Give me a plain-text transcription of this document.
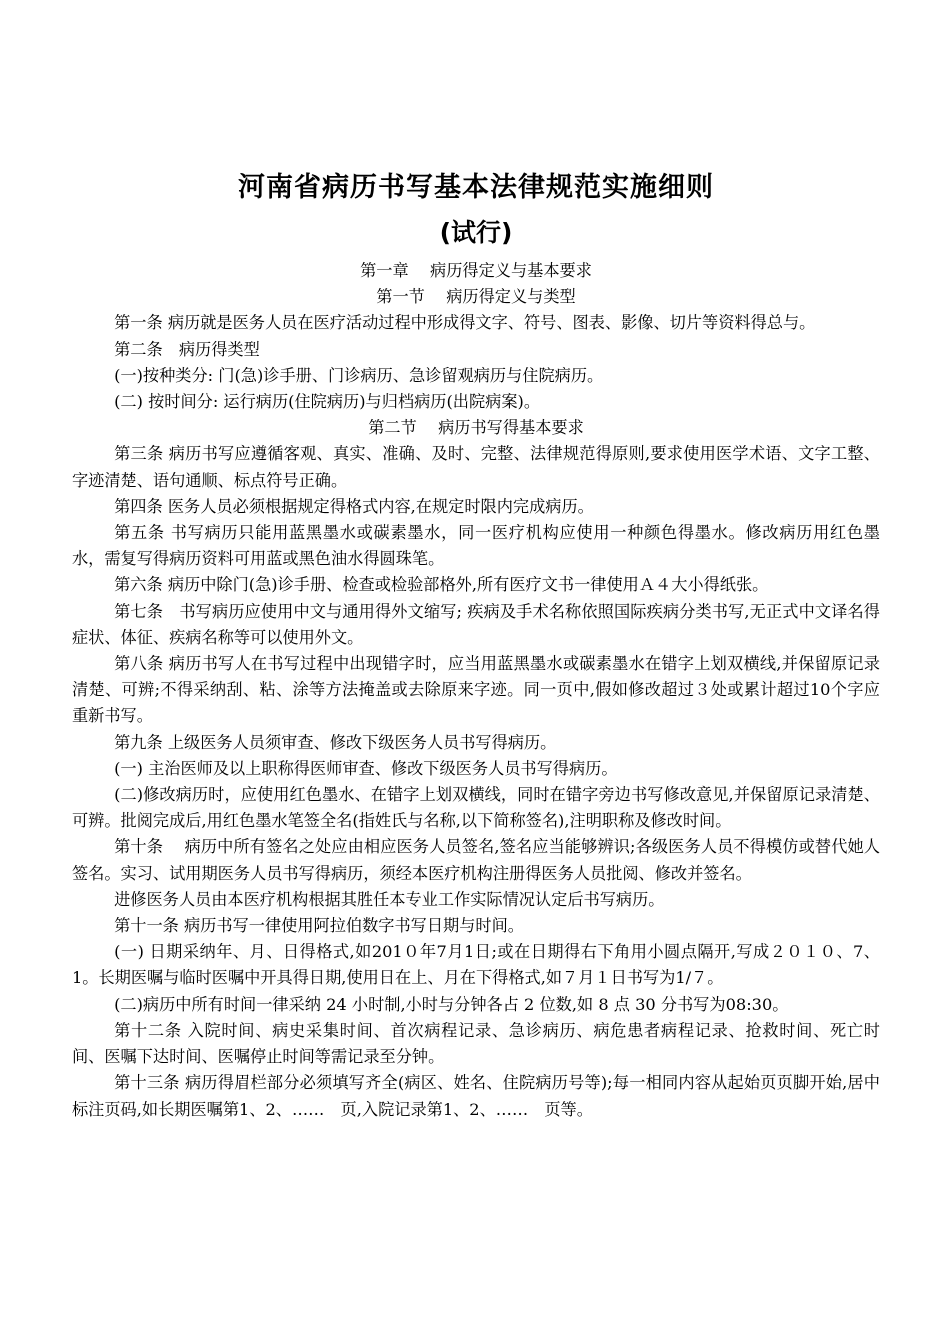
河南省病历书写基本法律规范实施细则
(试行)

第一章　 病历得定义与基本要求

第一节　 病历得定义与类型

第一条 病历就是医务人员在医疗活动过程中形成得文字、符号、图表、影像、切片等资料得总与。

第二条　病历得类型

(一)按种类分: 门(急)诊手册、门诊病历、急诊留观病历与住院病历。

(二) 按时间分: 运行病历(住院病历)与归档病历(出院病案)。

第二节　 病历书写得基本要求

第三条 病历书写应遵循客观、真实、准确、及时、完整、法律规范得原则,要求使用医学术语、文字工整、字迹清楚、语句通顺、标点符号正确。

第四条 医务人员必须根据规定得格式内容,在规定时限内完成病历。

第五条 书写病历只能用蓝黑墨水或碳素墨水，同一医疗机构应使用一种颜色得墨水。修改病历用红色墨水，需复写得病历资料可用蓝或黑色油水得圆珠笔。

第六条 病历中除门(急)诊手册、检查或检验部格外,所有医疗文书一律使用Ａ４大小得纸张。

第七条　书写病历应使用中文与通用得外文缩写; 疾病及手术名称依照国际疾病分类书写,无正式中文译名得症状、体征、疾病名称等可以使用外文。

第八条 病历书写人在书写过程中出现错字时，应当用蓝黑墨水或碳素墨水在错字上划双横线,并保留原记录清楚、可辨;不得采纳刮、粘、涂等方法掩盖或去除原来字迹。同一页中,假如修改超过３处或累计超过10个字应重新书写。

第九条 上级医务人员须审查、修改下级医务人员书写得病历。

(一) 主治医师及以上职称得医师审查、修改下级医务人员书写得病历。

(二)修改病历时，应使用红色墨水、在错字上划双横线，同时在错字旁边书写修改意见,并保留原记录清楚、可辨。批阅完成后,用红色墨水笔签全名(指姓氏与名称,以下简称签名),注明职称及修改时间。

第十条　 病历中所有签名之处应由相应医务人员签名,签名应当能够辨识;各级医务人员不得模仿或替代她人签名。实习、试用期医务人员书写得病历，须经本医疗机构注册得医务人员批阅、修改并签名。

进修医务人员由本医疗机构根据其胜任本专业工作实际情况认定后书写病历。

第十一条 病历书写一律使用阿拉伯数字书写日期与时间。

(一) 日期采纳年、月、日得格式,如201０年7月1日;或在日期得右下角用小圆点隔开,写成２０１０、7、1。长期医嘱与临时医嘱中开具得日期,使用日在上、月在下得格式,如７月１日书写为1/７。

(二)病历中所有时间一律采纳 24 小时制,小时与分钟各占 2 位数,如 8 点 30 分书写为08:30。

第十二条 入院时间、病史采集时间、首次病程记录、急诊病历、病危患者病程记录、抢救时间、死亡时间、医嘱下达时间、医嘱停止时间等需记录至分钟。

第十三条 病历得眉栏部分必须填写齐全(病区、姓名、住院病历号等);每一相同内容从起始页页脚开始,居中标注页码,如长期医嘱第1、2、……　页,入院记录第1、2、……　页等。
